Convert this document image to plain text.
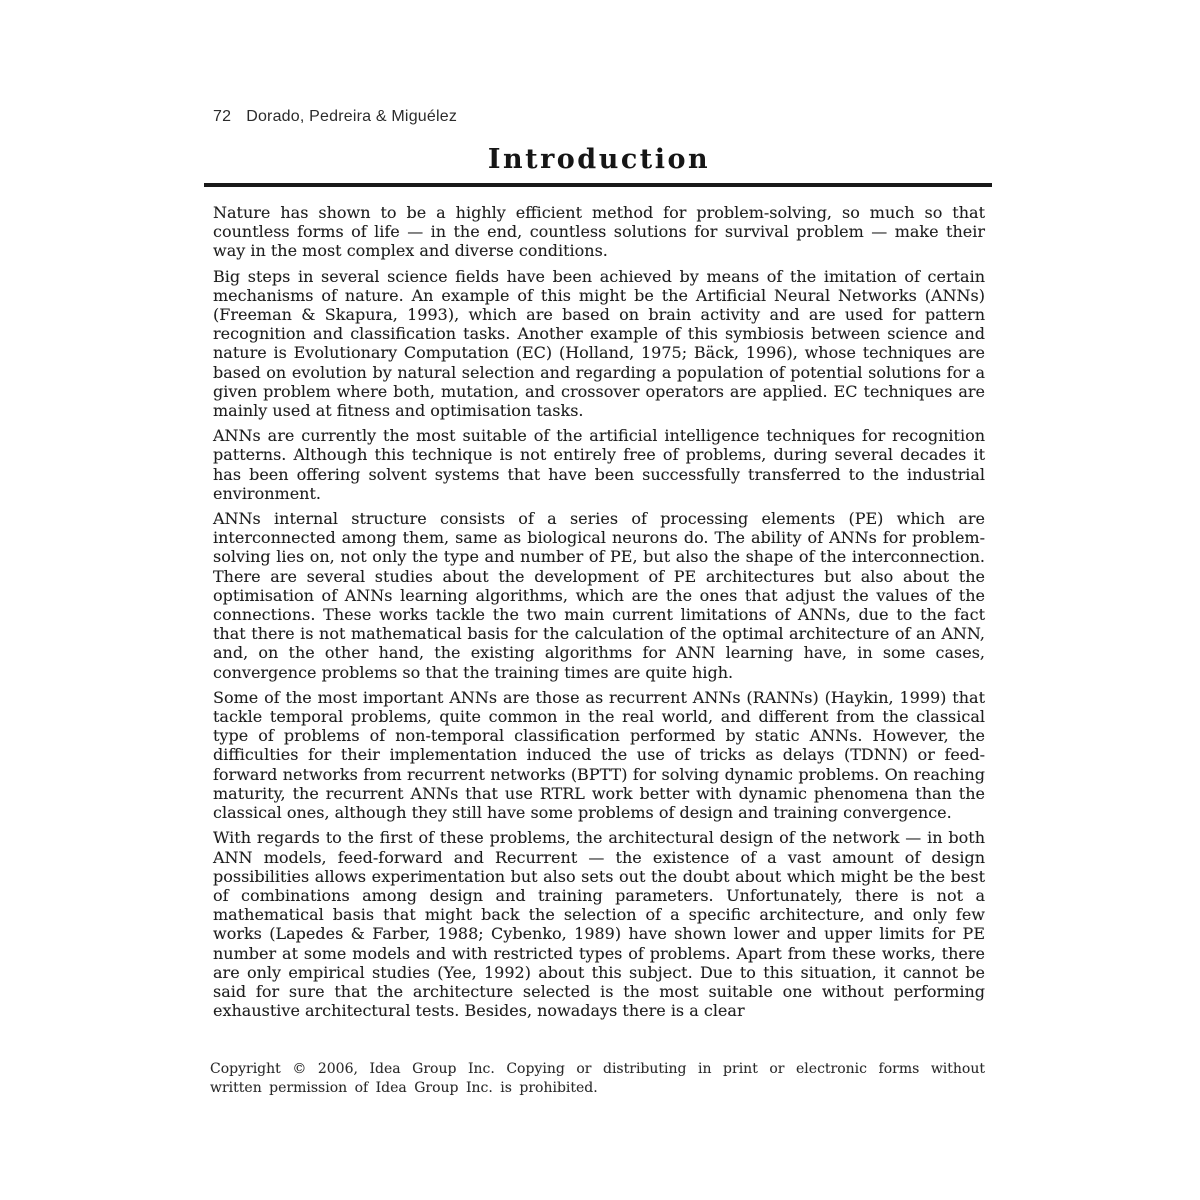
72 Dorado, Pedreira & Miguélez
Introduction

Nature has shown to be a highly efficient method for problem-solving, so much so that countless forms of life — in the end, countless solutions for survival problem — make their way in the most complex and diverse conditions.

Big steps in several science fields have been achieved by means of the imitation of certain mechanisms of nature. An example of this might be the Artificial Neural Networks (ANNs) (Freeman & Skapura, 1993), which are based on brain activity and are used for pattern recognition and classification tasks. Another example of this symbiosis between science and nature is Evolutionary Computation (EC) (Holland, 1975; Bäck, 1996), whose techniques are based on evolution by natural selection and regarding a population of potential solutions for a given problem where both, mutation, and crossover operators are applied. EC techniques are mainly used at fitness and optimisation tasks.

ANNs are currently the most suitable of the artificial intelligence techniques for recognition patterns. Although this technique is not entirely free of problems, during several decades it has been offering solvent systems that have been successfully transferred to the industrial environment.

ANNs internal structure consists of a series of processing elements (PE) which are interconnected among them, same as biological neurons do. The ability of ANNs for problem-solving lies on, not only the type and number of PE, but also the shape of the interconnection. There are several studies about the development of PE architectures but also about the optimisation of ANNs learning algorithms, which are the ones that adjust the values of the connections. These works tackle the two main current limitations of ANNs, due to the fact that there is not mathematical basis for the calculation of the optimal architecture of an ANN, and, on the other hand, the existing algorithms for ANN learning have, in some cases, convergence problems so that the training times are quite high.

Some of the most important ANNs are those as recurrent ANNs (RANNs) (Haykin, 1999) that tackle temporal problems, quite common in the real world, and different from the classical type of problems of non-temporal classification performed by static ANNs. However, the difficulties for their implementation induced the use of tricks as delays (TDNN) or feed-forward networks from recurrent networks (BPTT) for solving dynamic problems. On reaching maturity, the recurrent ANNs that use RTRL work better with dynamic phenomena than the classical ones, although they still have some problems of design and training convergence.

With regards to the first of these problems, the architectural design of the network — in both ANN models, feed-forward and Recurrent — the existence of a vast amount of design possibilities allows experimentation but also sets out the doubt about which might be the best of combinations among design and training parameters. Unfortunately, there is not a mathematical basis that might back the selection of a specific architecture, and only few works (Lapedes & Farber, 1988; Cybenko, 1989) have shown lower and upper limits for PE number at some models and with restricted types of problems. Apart from these works, there are only empirical studies (Yee, 1992) about this subject. Due to this situation, it cannot be said for sure that the architecture selected is the most suitable one without performing exhaustive architectural tests. Besides, nowadays there is a clear

Copyright © 2006, Idea Group Inc. Copying or distributing in print or electronic forms without written permission of Idea Group Inc. is prohibited.
